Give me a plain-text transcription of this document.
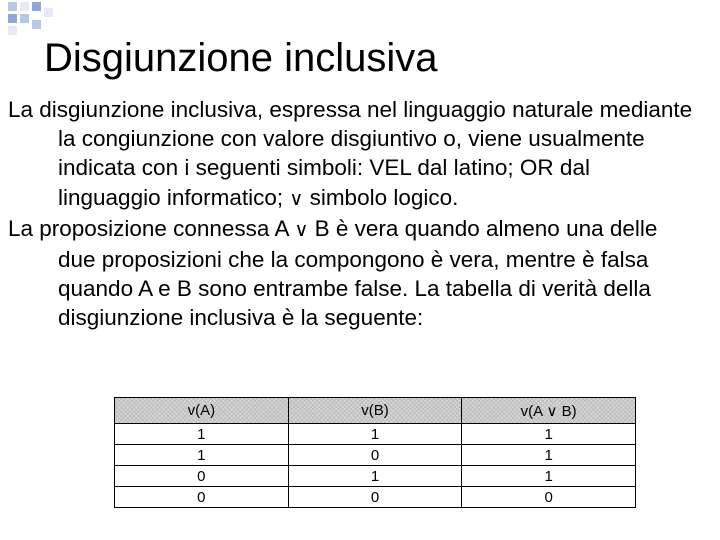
Disgiunzione inclusiva

La disgiunzione inclusiva, espressa nel linguaggio naturale mediante la congiunzione con valore disgiuntivo o, viene usualmente indicata con i seguenti simboli: VEL dal latino; OR dal linguaggio informatico; ∨ simbolo logico.

La proposizione connessa A ∨ B è vera quando almeno una delle due proposizioni che la compongono è vera, mentre è falsa quando A e B sono entrambe false. La tabella di verità della disgiunzione inclusiva è la seguente:

v(A)	v(B)	v(A ∨ B)
1	1	1
1	0	1
0	1	1
0	0	0
